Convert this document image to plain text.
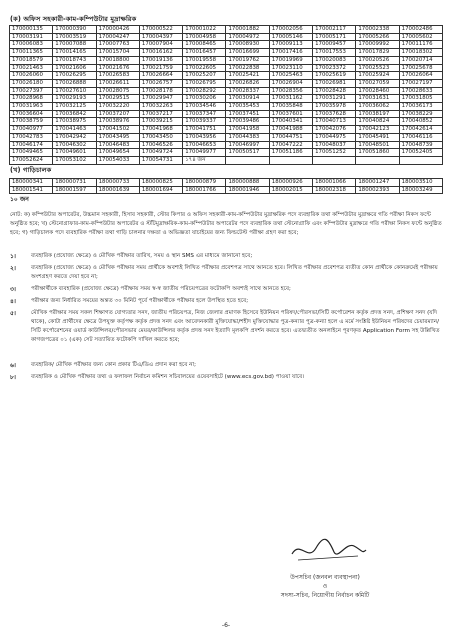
(ক) অফিস সহকারী-কাম-কম্পিউটার মুদ্রাক্ষরিক
170000135	170000390	170000426	170000522	170001022	170001882	170002056	170002117	170002338	170002486

170003191	170003519	170004247	170004397	170004958	170004972	170005146	170005171	170005266	170005602

170006083	170007088	170007763	170007904	170008465	170008930	170009113	170009457	170009992	170011176

170011365	170014165	170015704	170016162	170016457	170016699	170017416	170017553	170017829	170018302

170018579	170018743	170018800	170019136	170019558	170019762	170019969	170020083	170020526	170020714

170021463	170021606	170021676	170021759	170022605	170022838	170023110	170023372	170025523	170025678

170026060	170026295	170026583	170026664	170025207	170025421	170025463	170025619	170025924	170026064

170026180	170026888	170026611	170026757	170026795	170026826	170026904	170026981	170027059	170027197

170027397	170027610	170028075	170028178	170028292	170028337	170028356	170028428	170028460	170028633

170028968	170029193	170029515	170029947	170030206	170030914	170031162	170031291	170031631	170031805

170031963	170032125	170032220	170032263	170034546	170035453	170035848	170035978	170036062	170036173

170036604	170036842	170037207	170037217	170037347	170037451	170037601	170037628	170038197	170038229

170038759	170038975	170038976	170039215	170039337	170039486	170040341	170040713	170040824	170040852

170040977	170041463	170041502	170041968	170041751	170041958	170041988	170042076	170042123	170042614

170042783	170042942	170043495	170043450	170043956	170044383	170044751	170044975	170045491	170046116

170046174	170046302	170046483	170046526	170046653	170046997	170047222	170048037	170048501	170048739

170049465	170049601	170049654	170049724	170049977	170050517	170051186	170051252	170051860	170052405

170052624	170053102	170054033	170054731	১৭৪ জন					

(খ) গাড়িচালক
180000341	180000731	180000733	180000825	180000879	180000888	180000926	180001066	180001247	180003510

180001541	180001597	180001639	180001694	180001766	180001946	180002015	180002318	180002393	180003249
১০ জন
নোট: ক) কম্পিউটার অপারেটর, উচ্চমান সহকারী, হিসাব সহকারী, স্টোর কিপার ও অফিস সহকারী-কাম-কম্পিউটার মুদ্রাক্ষরিক পদে ব্যবহারিক তথা কম্পিউটার মুদ্রাক্ষরে গতি পরীক্ষা নিকস ফন্টে অনুষ্ঠিত হবে; খ) স্টেনোগ্রাফার-কাম-কম্পিউটার অপারেটর ও স্টাঁটমুদ্রাক্ষরিক-কাম-কম্পিউটার অপারেটর পদে ব্যবহারিক তথা স্টেনোগ্রাফি এবং কম্পিউটার মুদ্রাক্ষরে গতি পরীক্ষা নিকস ফন্টে অনুষ্ঠিত হবে; গ) গাড়িচালক পদে ব্যবহারিক পরীক্ষা তথা গাড়ি চালনার দক্ষতা ও অভিজ্ঞতা যাচাইয়ের জন্য ফিল্ডটেস্ট পরীক্ষা গ্রহণ করা হবে;
১।	ব্যবহারিক (প্রযোজ্য ক্ষেত্রে) ও মৌখিক পরীক্ষার তারিখ, সময় ও স্থান SMS এর মাধ্যমে জানানো হবে;
২।	ব্যবহারিক (প্রযোজ্য ক্ষেত্রে) ও মৌখিক পরীক্ষার সময় প্রার্থীকে অবশ্যই লিখিত পরীক্ষার প্রবেশপত্র সাথে আনতে হবে। লিখিত পরীক্ষার প্রবেশপত্র ব্যতীত কোন প্রার্থীকে কোনক্রমেই পরীক্ষায় অংশগ্রহণ করতে দেয়া হবে না;
৩।	পরীক্ষার্থীকে ব্যবহারিক (প্রযোজ্য ক্ষেত্রে) পরীক্ষায় সময় স্ব-স্ব জাতীয় পরিচয়পত্রের ফটোকপি অবশ্যই সাথে আনতে হবে;
৪।	পরীক্ষার জন্য নির্ধারিত সময়ের অন্তত ৩০ মিনিট পূর্বে পরীক্ষার্থীকে পরীক্ষার হলে উপস্থিত হতে হবে;
৫।	মৌখিক পরীক্ষার সময় সকল শিক্ষাগত যোগ্যতার সনদ, জাতীয় পরিচয়পত্র, নিজ জেলার প্রমাণক হিসেবে ইউনিয়ন পরিষদ/পৌরসভা/সিটি কর্পোরেশন কর্তৃক প্রদত্ত সনদ, প্রশিক্ষণ সনদ (যদি থাকে), কোটা প্রার্থীদের ক্ষেত্রে উপযুক্ত কর্তৃপক্ষ কর্তৃক প্রদত্ত সনদ এবং আবেদনকারী মুক্তিযোদ্ধা/শহীদ মুক্তিযোদ্ধার পুত্র-কন্যার পুত্র-কন্যা হলে এ মর্মে সংশ্লিষ্ট ইউনিয়ন পরিষদের চেয়ারম্যান/সিটি কর্পোরেশনের ওয়ার্ড কাউন্সিলর/পৌরসভার মেয়র/কাউন্সিলর কর্তৃক প্রদত্ত সনদ ইত্যাদি মূলকপি প্রদর্শন করতে হবে। এতদ্ব্যতীত অনলাইনে পূরণকৃত Application Form সহ উল্লিখিত কাগজপত্রের ০১ (এক) সেট সত্যায়িত ফটোকপি দাখিল করতে হবে;
৬।	ব্যবহারিক/ মৌখিক পরীক্ষার জন্য কোন প্রকার টিএ/ডিএ প্রদান করা হবে না;
৮।	ব্যবহারিক ও মৌখিক পরীক্ষার তথ্য ও ফলাফল নির্বাচন কমিশন সচিবালয়ের ওয়েবসাইটে (www.ecs.gov.bd) পাওয়া যাবে।
উপসচিব (জনবল ব্যবস্থাপনা)
ও
সদস্য-সচিব, নিয়োগীয় নির্বাচন কমিটি
-6-
